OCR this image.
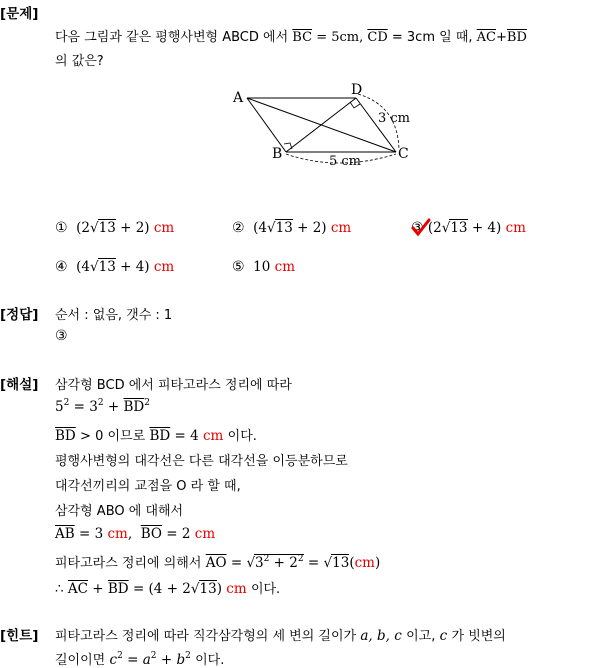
[문제]
다음 그림과 같은 평행사변형 ABCD 에서 $\overline{BC} = 5cm$, $\overline{CD} = 3cm$ 일 때, $\overline{AC}+\overline{BD}$
의 값은?
A
B	C
D
3 cm
5 cm
① (2√13 + 2) cm	② (4√13 + 2) cm	③ (2√13 + 4) cm
④ (4√13 + 4) cm	⑤ 10 cm
[정답] 순서 : 없음, 갯수 : 1
③
[해설] 삼각형 BCD 에서 피타고라스 정리에 따라
$5^2 = 3^2 + \overline{BD}^2$
$\overline{BD} > 0$ 이므로 $\overline{BD} = 4$ cm 이다.
평행사변형의 대각선은 다른 대각선을 이등분하므로
대각선끼리의 교점을 O 라 할 때,
삼각형 ABO 에 대해서
$\overline{AB} = 3$ cm, $\overline{BO} = 2$ cm
피타고라스 정리에 의해서 $\overline{AO} = √3^2 + 2^2 = √13(cm)$
∴ $\overline{AC} + \overline{BD} = (4 + 2√13)$ cm 이다.
[힌트] 피타고라스 정리에 따라 직각삼각형의 세 변의 길이가 a, b, c 이고, c 가 빗변의
길이이면 $c^2 = a^2 + b^2$ 이다.
